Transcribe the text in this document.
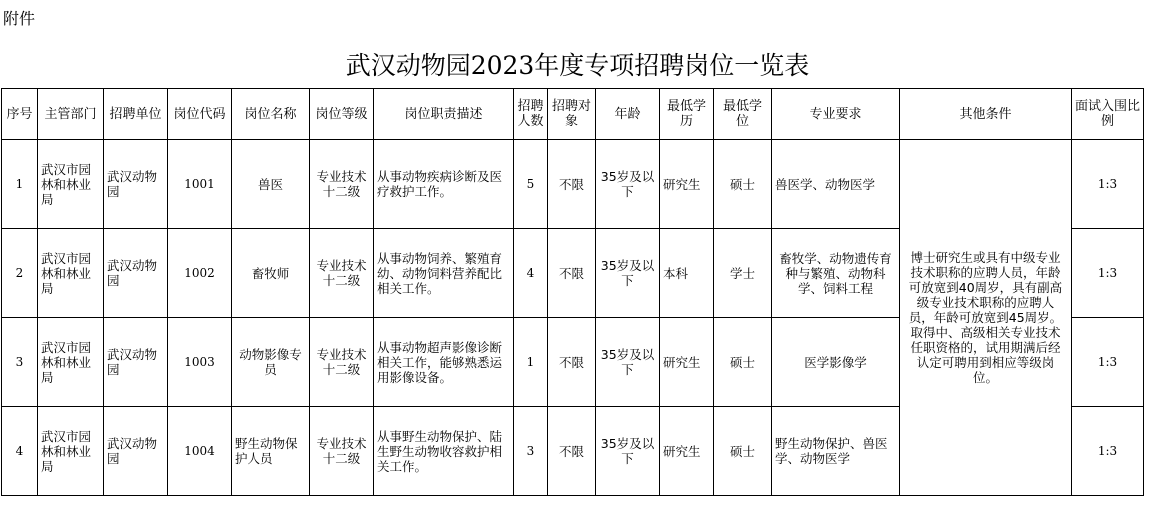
附件
武汉动物园2023年度专项招聘岗位一览表
序号	主管部门	招聘单位	岗位代码	岗位名称	岗位等级	岗位职责描述	招聘人数	招聘对象	年龄	最低学历	最低学位	专业要求	其他条件	面试入围比例
1	武汉市园林和林业局	武汉动物园	1001	兽医	专业技术十二级	从事动物疾病诊断及医疗救护工作。	5	不限	35岁及以下	研究生	硕士	兽医学、动物医学	博士研究生或具有中级专业技术职称的应聘人员，年龄可放宽到40周岁，具有副高级专业技术职称的应聘人员，年龄可放宽到45周岁。取得中、高级相关专业技术任职资格的，试用期满后经认定可聘用到相应等级岗位。	1:3
2	武汉市园林和林业局	武汉动物园	1002	畜牧师	专业技术十二级	从事动物饲养、繁殖育幼、动物饲料营养配比相关工作。	4	不限	35岁及以下	本科	学士	畜牧学、动物遗传育种与繁殖、动物科学、饲料工程		1:3
3	武汉市园林和林业局	武汉动物园	1003	动物影像专员	专业技术十二级	从事动物超声影像诊断相关工作，能够熟悉运用影像设备。	1	不限	35岁及以下	研究生	硕士	医学影像学		1:3
4	武汉市园林和林业局	武汉动物园	1004	野生动物保护人员	专业技术十二级	从事野生动物保护、陆生野生动物收容救护相关工作。	3	不限	35岁及以下	研究生	硕士	野生动物保护、兽医学、动物医学		1:3
